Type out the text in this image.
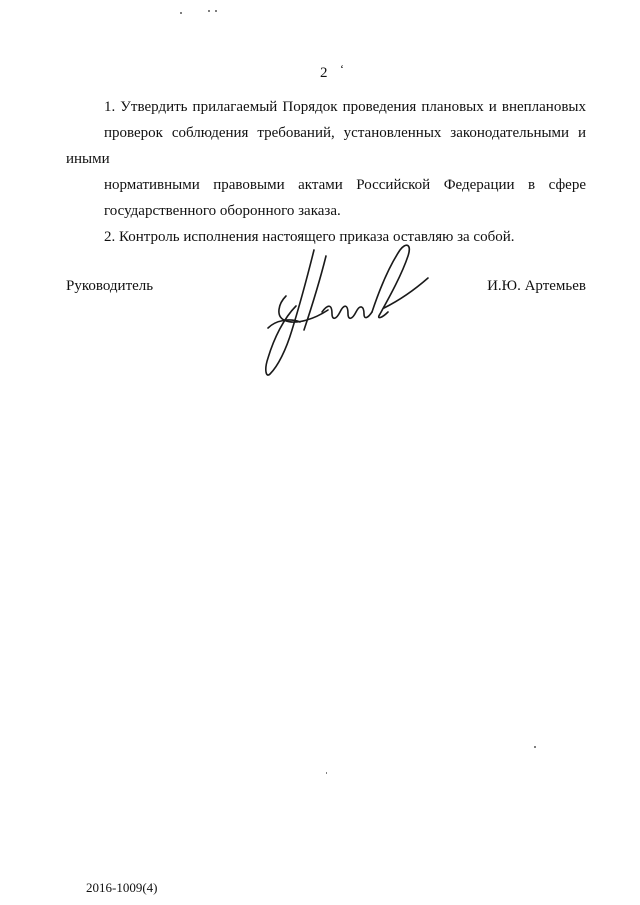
2 ‘

1. Утвердить прилагаемый Порядок проведения плановых и внеплановых
проверок соблюдения требований, установленных законодательными и иными
нормативными правовыми актами Российской Федерации в сфере
государственного оборонного заказа.

2. Контроль исполнения настоящего приказа оставляю за собой.

Руководитель	И.Ю. Артемьев
2016-1009(4)
